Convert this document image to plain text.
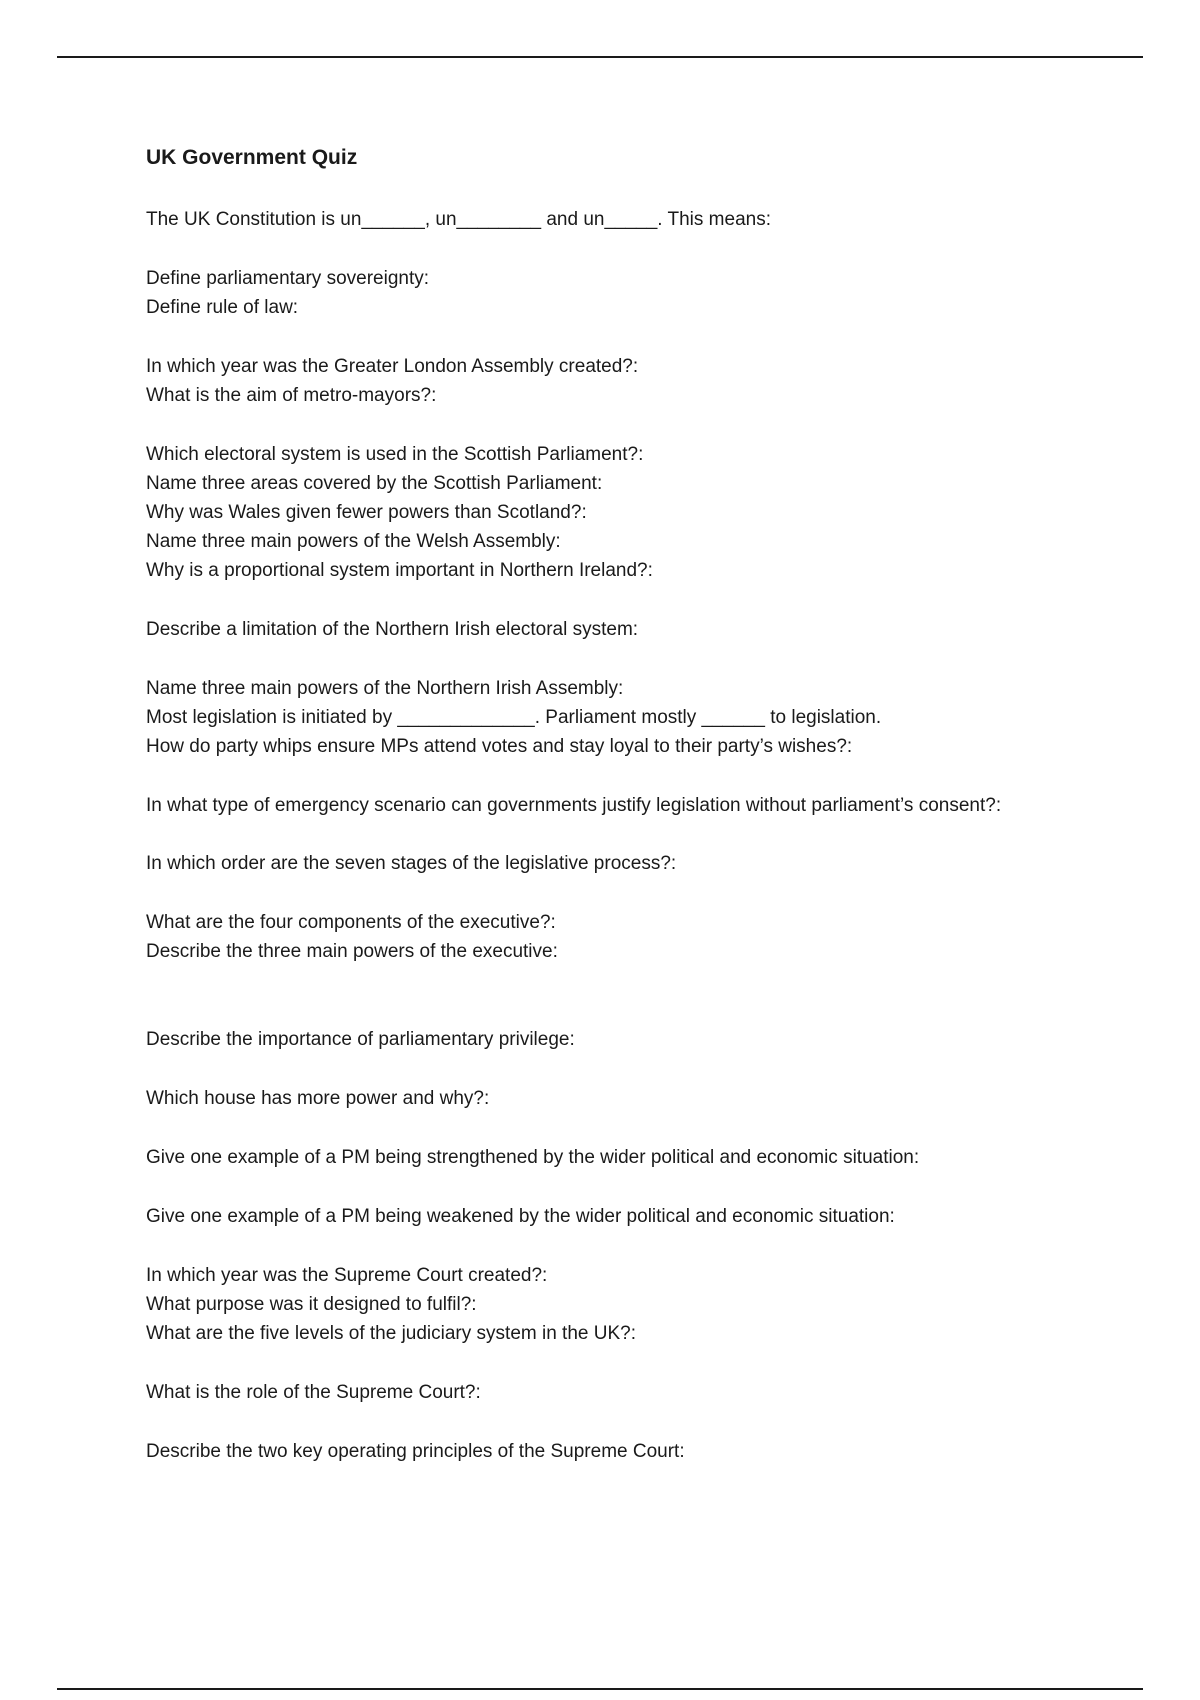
UK Government Quiz
The UK Constitution is un______, un________ and un_____. This means:
Define parliamentary sovereignty:
Define rule of law:
In which year was the Greater London Assembly created?:
What is the aim of metro-mayors?:
Which electoral system is used in the Scottish Parliament?:
Name three areas covered by the Scottish Parliament:
Why was Wales given fewer powers than Scotland?:
Name three main powers of the Welsh Assembly:
Why is a proportional system important in Northern Ireland?:
Describe a limitation of the Northern Irish electoral system:
Name three main powers of the Northern Irish Assembly:
Most legislation is initiated by _____________. Parliament mostly ______ to legislation.
How do party whips ensure MPs attend votes and stay loyal to their party’s wishes?:
In what type of emergency scenario can governments justify legislation without parliament’s consent?:
In which order are the seven stages of the legislative process?:
What are the four components of the executive?:
Describe the three main powers of the executive:
Describe the importance of parliamentary privilege:
Which house has more power and why?:
Give one example of a PM being strengthened by the wider political and economic situation:
Give one example of a PM being weakened by the wider political and economic situation:
In which year was the Supreme Court created?:
What purpose was it designed to fulfil?:
What are the five levels of the judiciary system in the UK?:
What is the role of the Supreme Court?:
Describe the two key operating principles of the Supreme Court:
